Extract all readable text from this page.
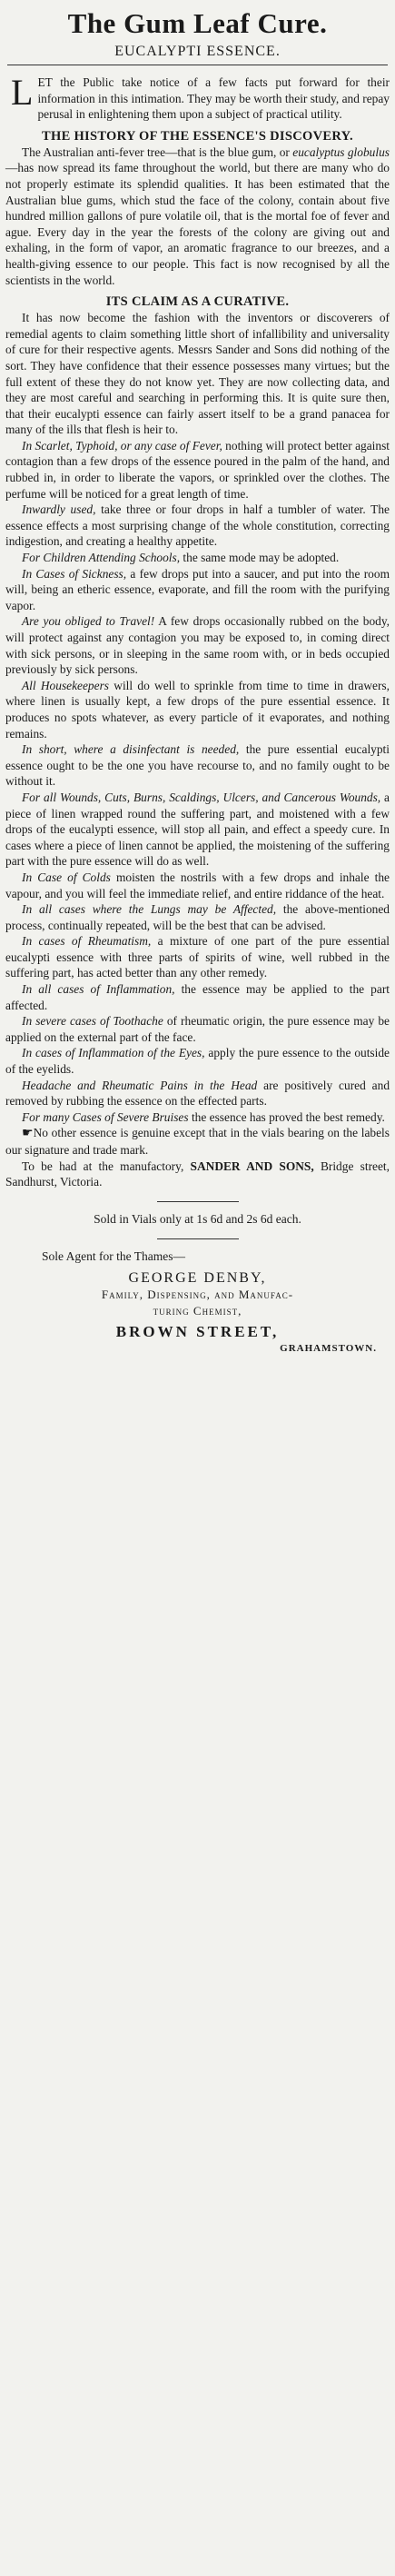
The Gum Leaf Cure.
EUCALYPTI ESSENCE.

LET the Public take notice of a few facts put forward for their information in this intimation. They may be worth their study, and repay perusal in enlightening them upon a subject of practical utility.

THE HISTORY OF THE ESSENCE'S DISCOVERY.

The Australian anti-fever tree—that is the blue gum, or eucalyptus globulus—has now spread its fame throughout the world, but there are many who do not properly estimate its splendid qualities. It has been estimated that the Australian blue gums, which stud the face of the colony, contain about five hundred million gallons of pure volatile oil, that is the mortal foe of fever and ague. Every day in the year the forests of the colony are giving out and exhaling, in the form of vapor, an aromatic fragrance to our breezes, and a health-giving essence to our people. This fact is now recognised by all the scientists in the world.

ITS CLAIM AS A CURATIVE.

It has now become the fashion with the inventors or discoverers of remedial agents to claim something little short of infallibility and universality of cure for their respective agents. Messrs Sander and Sons did nothing of the sort. They have confidence that their essence possesses many virtues; but the full extent of these they do not know yet. They are now collecting data, and they are most careful and searching in performing this. It is quite sure then, that their eucalypti essence can fairly assert itself to be a grand panacea for many of the ills that flesh is heir to.

In Scarlet, Typhoid, or any case of Fever, nothing will protect better against contagion than a few drops of the essence poured in the palm of the hand, and rubbed in, in order to liberate the vapors, or sprinkled over the clothes. The perfume will be noticed for a great length of time.

Inwardly used, take three or four drops in half a tumbler of water. The essence effects a most surprising change of the whole constitution, correcting indigestion, and creating a healthy appetite.

For Children Attending Schools, the same mode may be adopted.

In Cases of Sickness, a few drops put into a saucer, and put into the room will, being an etheric essence, evaporate, and fill the room with the purifying vapor.

Are you obliged to Travel! A few drops occasionally rubbed on the body, will protect against any contagion you may be exposed to, in coming direct with sick persons, or in sleeping in the same room with, or in beds occupied previously by sick persons.

All Housekeepers will do well to sprinkle from time to time in drawers, where linen is usually kept, a few drops of the pure essential essence. It produces no spots whatever, as every particle of it evaporates, and nothing remains.

In short, where a disinfectant is needed, the pure essential eucalypti essence ought to be the one you have recourse to, and no family ought to be without it.

For all Wounds, Cuts, Burns, Scaldings, Ulcers, and Cancerous Wounds, a piece of linen wrapped round the suffering part, and moistened with a few drops of the eucalypti essence, will stop all pain, and effect a speedy cure. In cases where a piece of linen cannot be applied, the moistening of the suffering part with the pure essence will do as well.

In Case of Colds moisten the nostrils with a few drops and inhale the vapour, and you will feel the immediate relief, and entire riddance of the heat.

In all cases where the Lungs may be Affected, the above-mentioned process, continually repeated, will be the best that can be advised.

In cases of Rheumatism, a mixture of one part of the pure essential eucalypti essence with three parts of spirits of wine, well rubbed in the suffering part, has acted better than any other remedy.

In all cases of Inflammation, the essence may be applied to the part affected.

In severe cases of Toothache of rheumatic origin, the pure essence may be applied on the external part of the face.

In cases of Inflammation of the Eyes, apply the pure essence to the outside of the eyelids.

Headache and Rheumatic Pains in the Head are positively cured and removed by rubbing the essence on the effected parts.

For many Cases of Severe Bruises the essence has proved the best remedy.

☛No other essence is genuine except that in the vials bearing on the labels our signature and trade mark.

To be had at the manufactory, SANDER AND SONS, Bridge street, Sandhurst, Victoria.

Sold in Vials only at 1s 6d and 2s 6d each.
Sole Agent for the Thames—
GEORGE DENBY,
Family, Dispensing, and Manufac-
turing Chemist,
BROWN STREET,
GRAHAMSTOWN.
